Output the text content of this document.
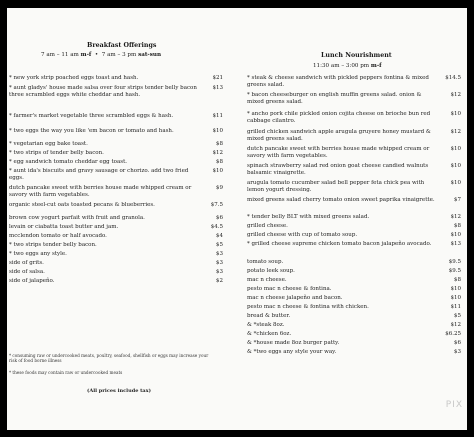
Breakfast Offerings
7 am – 11 am m-f  •  7 am – 3 pm sat-sun
* new york strip poached eggs toast and hash.	$21
* aunt gladys' house made salsa over four strips tender belly bacon three scrambled eggs white cheddar and hash.
$13
* farmer's market vegetable three scrambled eggs & hash.	$11
* two eggs the way you like 'em bacon or tomato and hash.	$10
* vegetarian egg bake toast.	$8
* two strips of tender belly bacon.	$12
* egg sandwich tomato cheddar egg toast.	$8
* aunt ida's biscuits and gravy sausage or chorizo. add two fried eggs.
$10
dutch pancake sweet with berries house made whipped cream or savory with farm vegetables.
$9
organic steel-cut oats toasted pecans & blueberries.	$7.5
brown cow yogurt parfait with fruit and granola.	$6
levain or ciabatta toast butter and jam.	$4.5
mcclendon tomato or half avocado.	$4
* two strips tender belly bacon.	$5
* two eggs any style.	$3
side of grits.	$3
side of salsa.	$3
side of jalapeño.	$2
* consuming raw or undercooked meats, poultry, seafood, shellfish or eggs may increase your risk of food borne illness
* these foods may contain raw or undercooked meats
(All prices include tax)
Lunch Nourishment
11:30 am – 3:00 pm m-f
* steak & cheese sandwich with pickled peppers fontina & mixed greens salad.
$14.5
* bacon cheeseburger on english muffin greens salad. onion & mixed greens salad.
$12
* ancho pork chile pickled onion cojita cheese on brioche bun red cabbage cilantro.
$10
grilled chicken sandwich apple arugula gruyere honey mustard & mixed greens salad.
$12
dutch pancake sweet with berries house made whipped cream or savory with farm vegetables.
$10
spinach strawberry salad red onion goat cheese candied walnuts balsamic vinaigrette.
$10
arugula tomato cucumber salad bell pepper feta chick pea with lemon yogurt dressing.
$10
mixed greens salad cherry tomato onion sweet paprika vinaigrette.	$7
* tender belly BLT with mixed greens salad.	$12
grilled cheese.	$8
grilled cheese with cup of tomato soup.	$10
* grilled cheese supreme chicken tomato bacon jalapeño avocado.	$13
tomato soup.	$9.5
potato leek soup.	$9.5
mac n cheese.	$8
pesto mac n cheese & fontina.	$10
mac n cheese jalapeño and bacon.	$10
pesto mac n cheese & fontina with chicken.	$11
bread & butter.	$5
& *steak 8oz.	$12
& *chicken 6oz.	$6.25
& *house made 8oz burger patty.	$6
& *two eggs any style your way.	$3
PIX
